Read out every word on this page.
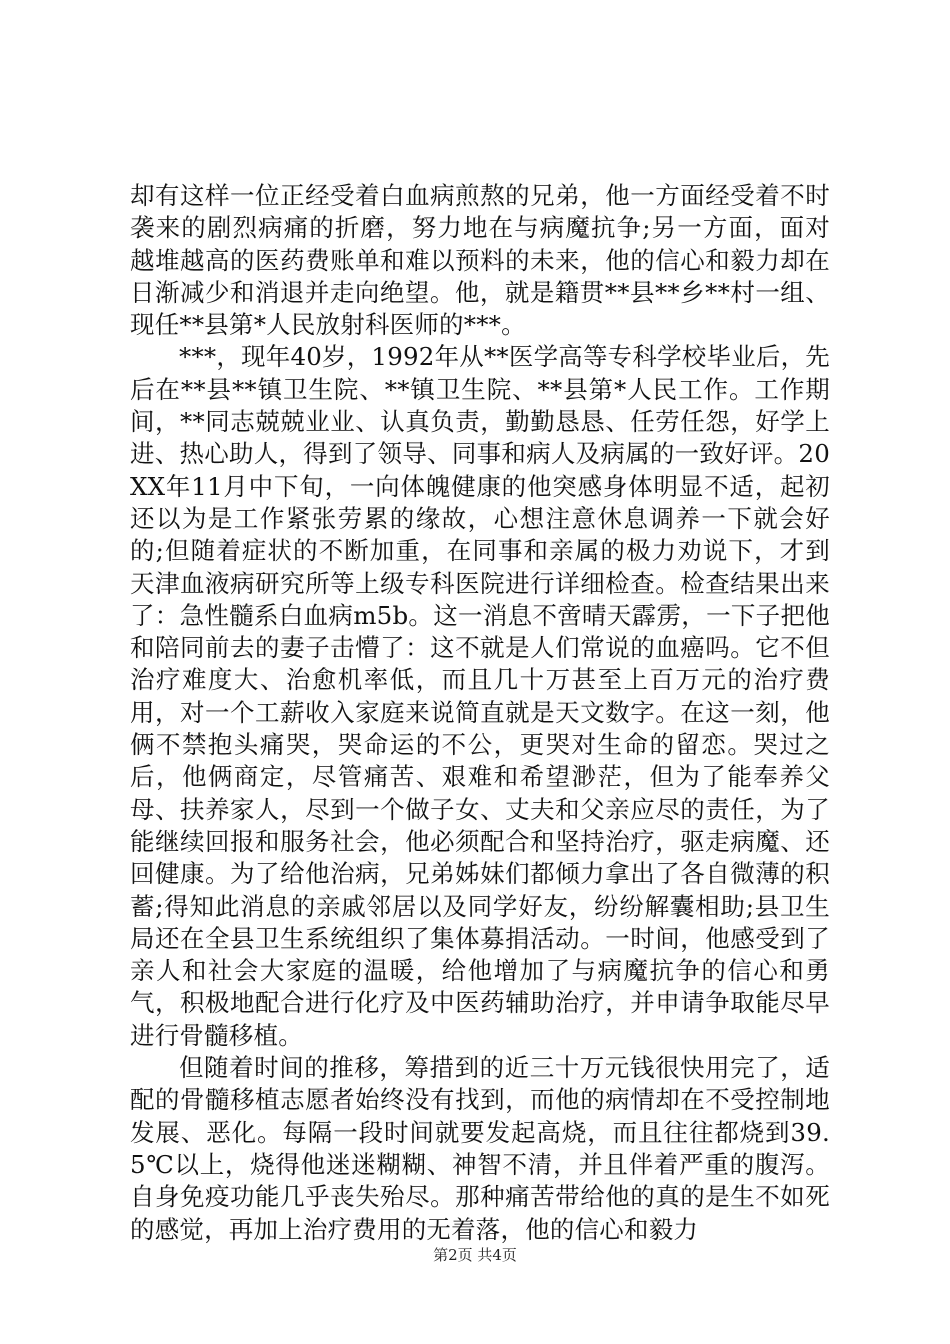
却有这样一位正经受着白血病煎熬的兄弟，他一方面经受着不时袭来的剧烈病痛的折磨，努力地在与病魔抗争;另一方面，面对越堆越高的医药费账单和难以预料的未来，他的信心和毅力却在日渐减少和消退并走向绝望。他，就是籍贯**县**乡**村一组、现任**县第*人民放射科医师的***。

***，现年40岁，1992年从**医学高等专科学校毕业后，先后在**县**镇卫生院、**镇卫生院、**县第*人民工作。工作期间，**同志兢兢业业、认真负责，勤勤恳恳、任劳任怨，好学上进、热心助人，得到了领导、同事和病人及病属的一致好评。20XX年11月中下旬，一向体魄健康的他突感身体明显不适，起初还以为是工作紧张劳累的缘故，心想注意休息调养一下就会好的;但随着症状的不断加重，在同事和亲属的极力劝说下，才到天津血液病研究所等上级专科医院进行详细检查。检查结果出来了：急性髓系白血病m5b。这一消息不啻晴天霹雳，一下子把他和陪同前去的妻子击懵了：这不就是人们常说的血癌吗。它不但治疗难度大、治愈机率低，而且几十万甚至上百万元的治疗费用，对一个工薪收入家庭来说简直就是天文数字。在这一刻，他俩不禁抱头痛哭，哭命运的不公，更哭对生命的留恋。哭过之后，他俩商定，尽管痛苦、艰难和希望渺茫，但为了能奉养父母、扶养家人，尽到一个做子女、丈夫和父亲应尽的责任，为了能继续回报和服务社会，他必须配合和坚持治疗，驱走病魔、还回健康。为了给他治病，兄弟姊妹们都倾力拿出了各自微薄的积蓄;得知此消息的亲戚邻居以及同学好友，纷纷解囊相助;县卫生局还在全县卫生系统组织了集体募捐活动。一时间，他感受到了亲人和社会大家庭的温暖，给他增加了与病魔抗争的信心和勇气，积极地配合进行化疗及中医药辅助治疗，并申请争取能尽早进行骨髓移植。

但随着时间的推移，筹措到的近三十万元钱很快用完了，适配的骨髓移植志愿者始终没有找到，而他的病情却在不受控制地发展、恶化。每隔一段时间就要发起高烧，而且往往都烧到39.5℃以上，烧得他迷迷糊糊、神智不清，并且伴着严重的腹泻。自身免疫功能几乎丧失殆尽。那种痛苦带给他的真的是生不如死的感觉，再加上治疗费用的无着落，他的信心和毅力

第2页 共4页
